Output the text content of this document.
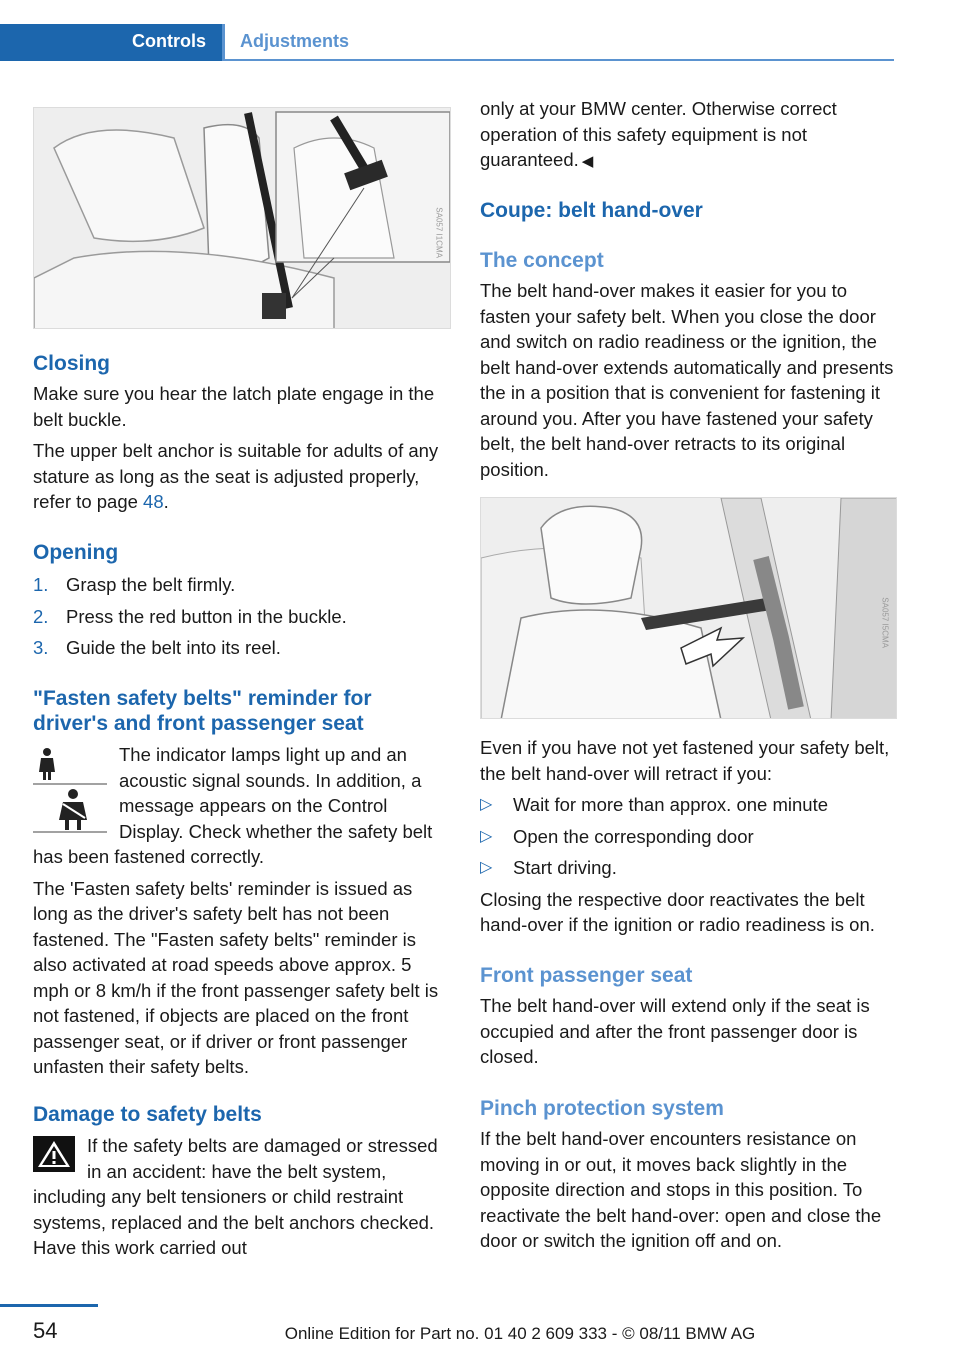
Controls	Adjustments
SA057 I1CMA
Closing

Make sure you hear the latch plate engage in the belt buckle.

The upper belt anchor is suitable for adults of any stature as long as the seat is adjusted properly, refer to page 48.

Opening
1. Grasp the belt firmly.
2. Press the red button in the buckle.
3. Guide the belt into its reel.
"Fasten safety belts" reminder for driver's and front passenger seat

The indicator lamps light up and an acoustic signal sounds. In addition, a message appears on the Control Display. Check whether the safety belt has been fastened correctly.

The 'Fasten safety belts' reminder is issued as long as the driver's safety belt has not been fastened. The "Fasten safety belts" reminder is also activated at road speeds above approx. 5 mph or 8 km/h if the front passenger safety belt is not fastened, if objects are placed on the front passenger seat, or if driver or front passenger unfasten their safety belts.

Damage to safety belts

If the safety belts are damaged or stressed in an accident: have the belt system, including any belt tensioners or child restraint systems, replaced and the belt anchors checked. Have this work carried out

only at your BMW center. Otherwise correct operation of this safety equipment is not guaranteed. ◀

Coupe: belt hand-over
The concept

The belt hand-over makes it easier for you to fasten your safety belt. When you close the door and switch on radio readiness or the ignition, the belt hand-over extends automatically and presents the in a position that is convenient for fastening it around you. After you have fastened your safety belt, the belt hand-over retracts to its original position.

SA057 I5CMA

Even if you have not yet fastened your safety belt, the belt hand-over will retract if you:

▷ Wait for more than approx. one minute
▷ Open the corresponding door
▷ Start driving.

Closing the respective door reactivates the belt hand-over if the ignition or radio readiness is on.

Front passenger seat

The belt hand-over will extend only if the seat is occupied and after the front passenger door is closed.

Pinch protection system

If the belt hand-over encounters resistance on moving in or out, it moves back slightly in the opposite direction and stops in this position. To reactivate the belt hand-over: open and close the door or switch the ignition off and on.

54	Online Edition for Part no. 01 40 2 609 333 - © 08/11 BMW AG
